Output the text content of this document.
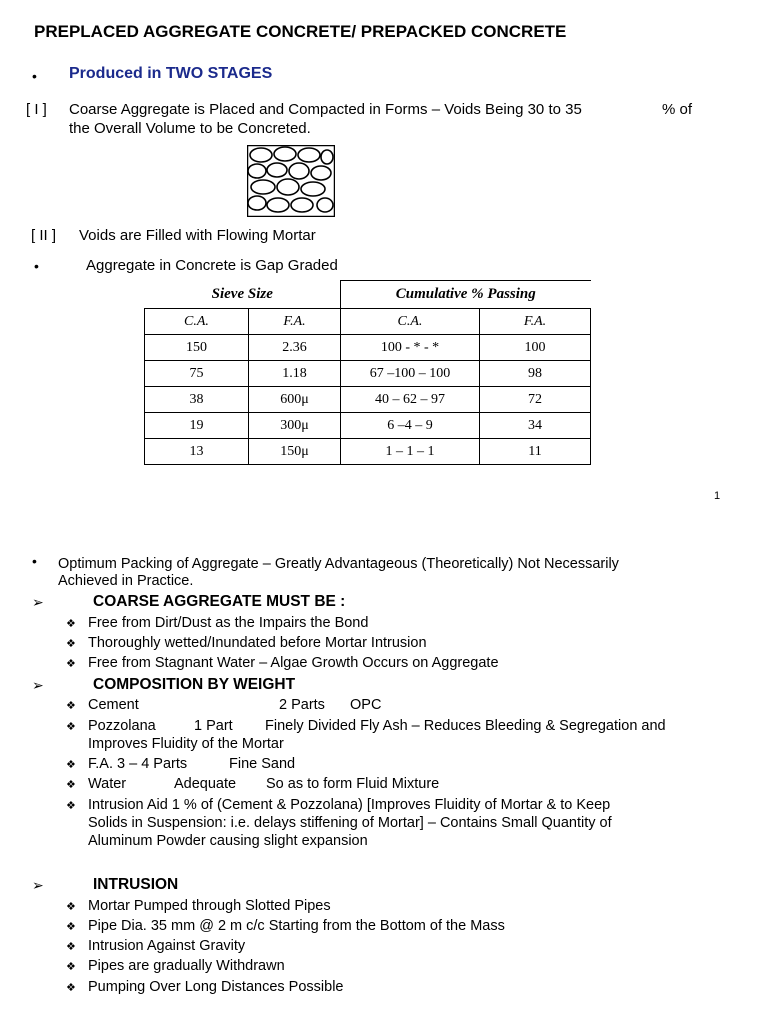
PREPLACED AGGREGATE CONCRETE/ PREPACKED CONCRETE
• Produced in TWO STAGES
[ I ] Coarse Aggregate is Placed and Compacted in Forms – Voids Being 30 to 35	% of
the Overall Volume to be Concreted.
[ II ] Voids are Filled with Flowing Mortar
•	Aggregate in Concrete is Gap Graded
Sieve Size		Cumulative % Passing	
C.A.	F.A.	C.A.	F.A.
150	2.36	100 - * - *	100
75	1.18	67 –100 – 100	98
38	600μ	40 – 62 – 97	72
19	300μ	6 –4 – 9	34
13	150μ	1 – 1 – 1	11
1
• Optimum Packing of Aggregate – Greatly Advantageous (Theoretically) Not Necessarily
Achieved in Practice.
➢	COARSE AGGREGATE MUST BE :
❖ Free from Dirt/Dust as the Impairs the Bond
❖ Thoroughly wetted/Inundated before Mortar Intrusion
❖ Free from Stagnant Water – Algae Growth Occurs on Aggregate
➢	COMPOSITION BY WEIGHT
❖ Cement	2 Parts OPC
❖ Pozzolana	1 Part Finely Divided Fly Ash – Reduces Bleeding & Segregation and
Improves Fluidity of the Mortar
❖ F.A. 3 – 4 Parts	Fine Sand
❖ Water	Adequate So as to form Fluid Mixture
❖ Intrusion Aid 1 % of (Cement & Pozzolana) [Improves Fluidity of Mortar & to Keep
Solids in Suspension: i.e. delays stiffening of Mortar] – Contains Small Quantity of
Aluminum Powder causing slight expansion
➢	INTRUSION
❖ Mortar Pumped through Slotted Pipes
❖ Pipe Dia. 35 mm @ 2 m c/c Starting from the Bottom of the Mass
❖ Intrusion Against Gravity
❖ Pipes are gradually Withdrawn
❖ Pumping Over Long Distances Possible
